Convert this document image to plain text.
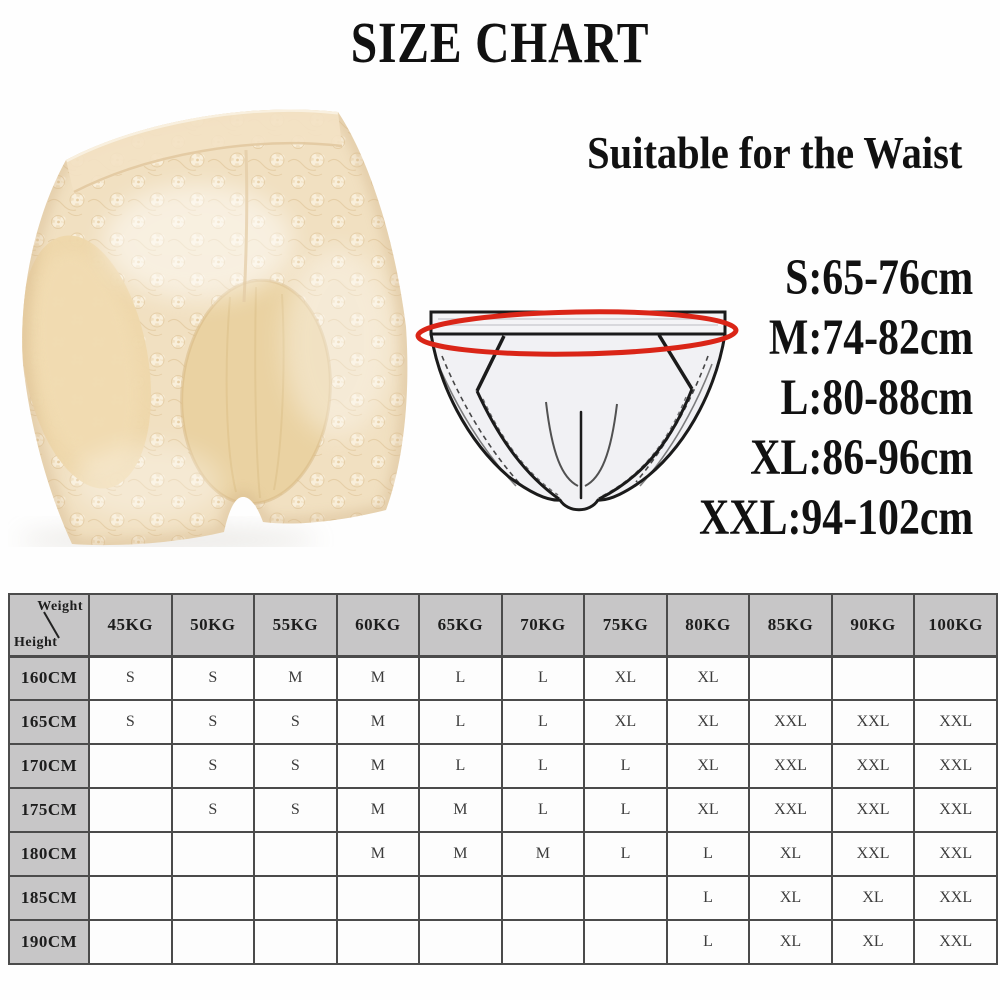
SIZE CHART
Suitable for the Waist
S:65-76cm
M:74-82cm
L:80-88cm
XL:86-96cm
XXL:94-102cm
Weight
Height	45KG	50KG	55KG	60KG	65KG	70KG	75KG	80KG	85KG	90KG	100KG
160CM	S	S	M	M	L	L	XL	XL			
165CM	S	S	S	M	L	L	XL	XL	XXL	XXL	XXL
170CM		S	S	M	L	L	L	XL	XXL	XXL	XXL
175CM		S	S	M	M	L	L	XL	XXL	XXL	XXL
180CM				M	M	M	L	L	XL	XXL	XXL
185CM								L	XL	XL	XXL
190CM								L	XL	XL	XXL
